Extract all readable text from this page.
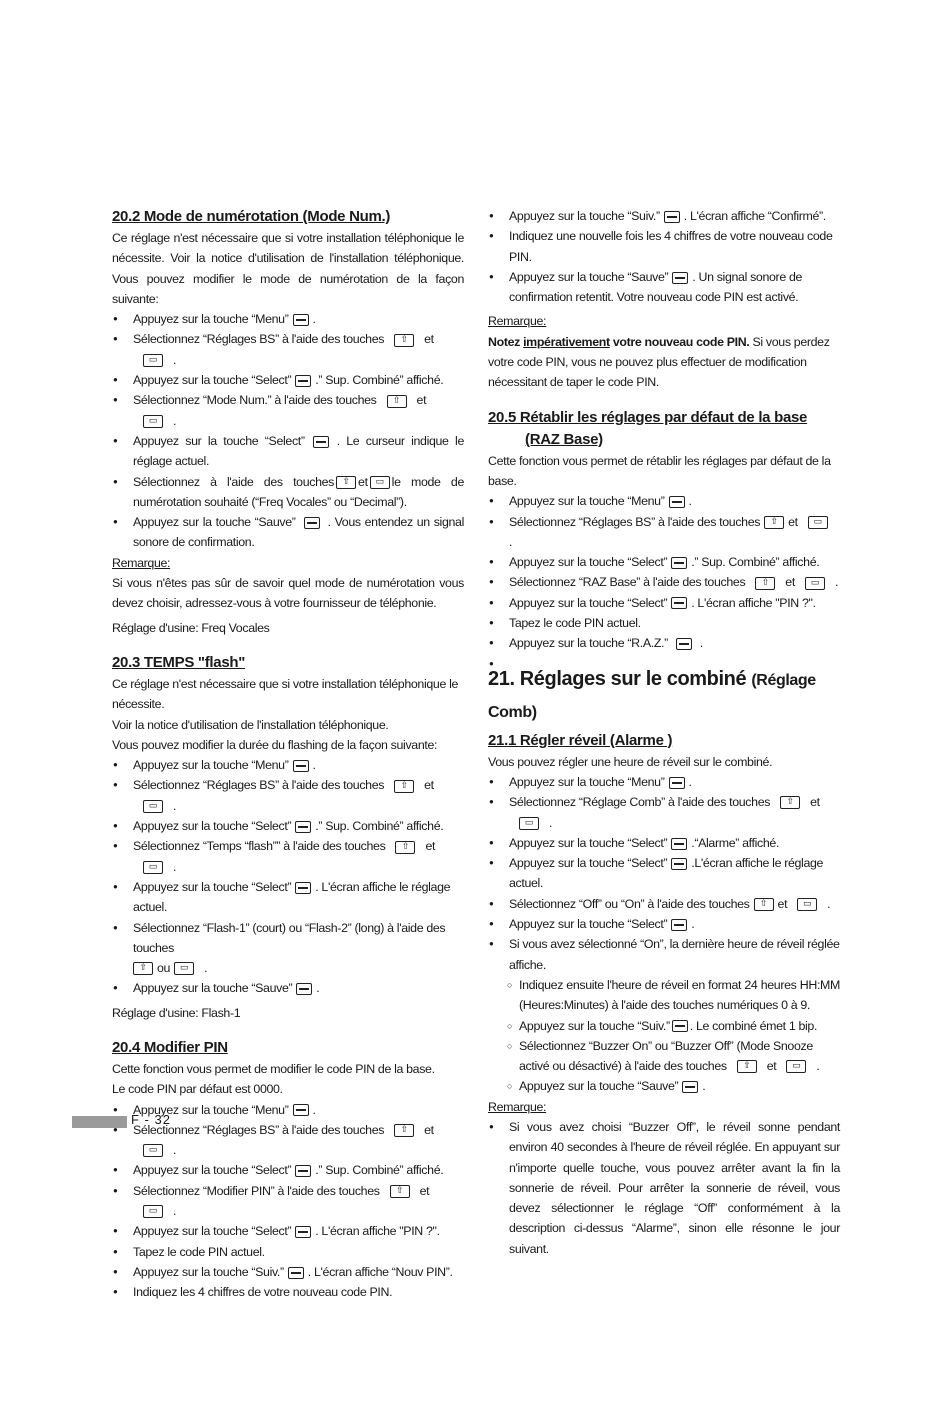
20.2 Mode de numérotation (Mode Num.)

Ce réglage n'est nécessaire que si votre installation téléphonique le nécessite. Voir la notice d'utilisation de l'installation téléphonique. Vous pouvez modifier le mode de numérotation de la façon suivante:

● Appuyez sur la touche “Menu” .
● Sélectionnez “Réglages BS” à l'aide des touches	⇧	et
▭	.
● Appuyez sur la touche “Select” .” Sup. Combiné” affiché.
● Sélectionnez “Mode Num.” à l'aide des touches	⇧	et
▭	.
● Appuyez sur la touche “Select”	. Le curseur indique le réglage actuel.
● Sélectionnez à l'aide des touches ⇧ et ▭ le mode de numérotation souhaité (“Freq Vocales” ou “Decimal”).
● Appuyez sur la touche “Sauve”	. Vous entendez un signal sonore de confirmation.

Remarque:

Si vous n'êtes pas sûr de savoir quel mode de numérotation vous devez choisir, adressez-vous à votre fournisseur de téléphonie.

Réglage d'usine: Freq Vocales

20.3 TEMPS "flash"

Ce réglage n'est nécessaire que si votre installation téléphonique le nécessite.

Voir la notice d'utilisation de l'installation téléphonique.

Vous pouvez modifier la durée du flashing de la façon suivante:

● Appuyez sur la touche “Menu” .
● Sélectionnez “Réglages BS” à l'aide des touches	⇧	et
▭	.
● Appuyez sur la touche “Select” .” Sup. Combiné” affiché.
● Sélectionnez “Temps “flash”” à l'aide des touches	⇧	et
▭	.
● Appuyez sur la touche “Select” . L'écran affiche le réglage actuel.
● Sélectionnez “Flash-1” (court) ou “Flash-2” (long) à l'aide des touches

⇧ ou	▭	.
● Appuyez sur la touche “Sauve” .

Réglage d'usine: Flash-1

20.4 Modifier PIN

Cette fonction vous permet de modifier le code PIN de la base.

Le code PIN par défaut est 0000.

● Appuyez sur la touche “Menu” .
● Sélectionnez “Réglages BS” à l'aide des touches	⇧	et
▭	.
● Appuyez sur la touche “Select” .” Sup. Combiné” affiché.
● Sélectionnez “Modifier PIN” à l'aide des touches	⇧	et
▭	.
● Appuyez sur la touche “Select” . L'écran affiche "PIN ?".
● Tapez le code PIN actuel.
● Appuyez sur la touche “Suiv.” . L'écran affiche “Nouv PIN”.
● Indiquez les 4 chiffres de votre nouveau code PIN.
● Appuyez sur la touche “Suiv.” . L'écran affiche “Confirmé”.
● Indiquez une nouvelle fois les 4 chiffres de votre nouveau code PIN.
● Appuyez sur la touche “Sauve” . Un signal sonore de confirmation retentit. Votre nouveau code PIN est activé.

Remarque:

Notez impérativement votre nouveau code PIN. Si vous perdez votre code PIN, vous ne pouvez plus effectuer de modification nécessitant de taper le code PIN.

20.5 Rétablir les réglages par défaut de la base
(RAZ Base)

Cette fonction vous permet de rétablir les réglages par défaut de la base.

● Appuyez sur la touche “Menu” .
● Sélectionnez “Réglages BS” à l'aide des touches	⇧ et	▭
.
● Appuyez sur la touche “Select” .” Sup. Combiné” affiché.
● Sélectionnez “RAZ Base” à l'aide des touches	⇧	et	▭	.
● Appuyez sur la touche “Select” . L'écran affiche "PIN ?".
● Tapez le code PIN actuel.
● Appuyez sur la touche “R.A.Z.”	.
●
21. Réglages sur le combiné (Réglage Comb)
21.1 Régler réveil (Alarme )

Vous pouvez régler une heure de réveil sur le combiné.

● Appuyez sur la touche “Menu” .
● Sélectionnez “Réglage Comb” à l'aide des touches	⇧	et
▭	.
● Appuyez sur la touche “Select” .“Alarme” affiché.
● Appuyez sur la touche “Select” .L'écran affiche le réglage actuel.
● Sélectionnez “Off” ou “On” à l'aide des touches	⇧ et	▭	.
● Appuyez sur la touche “Select” .
● Si vous avez sélectionné “On”, la dernière heure de réveil réglée affiche.
○ Indiquez ensuite l'heure de réveil en format 24 heures HH:MM (Heures:Minutes) à l'aide des touches numériques 0 à 9.
○ Appuyez sur la touche “Suiv.” . Le combiné émet 1 bip.
○ Sélectionnez “Buzzer On” ou “Buzzer Off” (Mode Snooze activé ou désactivé) à l'aide des touches	⇧	et	▭	.
○ Appuyez sur la touche “Sauve” .

Remarque:

● Si vous avez choisi “Buzzer Off”, le réveil sonne pendant environ 40 secondes à l'heure de réveil réglée. En appuyant sur n'importe quelle touche, vous pouvez arrêter avant la fin la sonnerie de réveil. Pour arrêter la sonnerie de réveil, vous devez sélectionner le réglage “Off” conformément à la description ci-dessus “Alarme”, sinon elle résonne le jour suivant.
F - 32
